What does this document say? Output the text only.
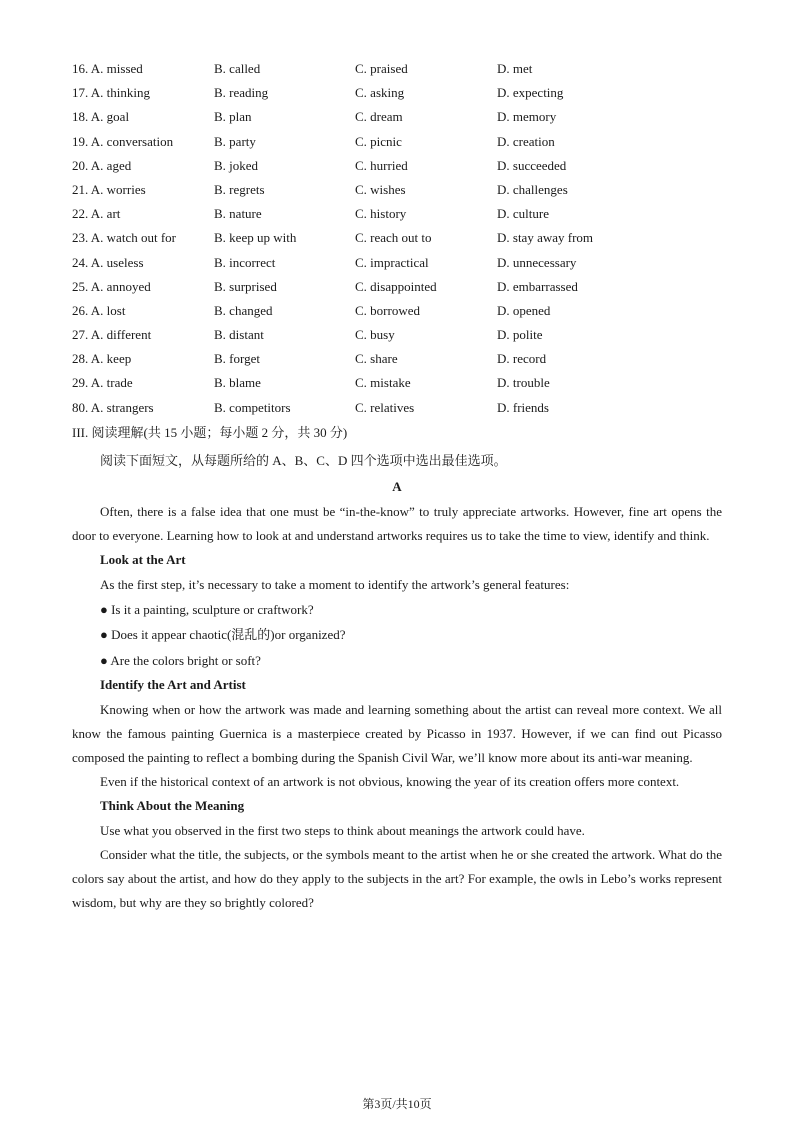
16. A. missed	B. called	C. praised	D. met
17. A. thinking	B. reading	C. asking	D. expecting
18. A. goal	B. plan	C. dream	D. memory
19. A. conversation	B. party	C. picnic	D. creation
20. A. aged	B. joked	C. hurried	D. succeeded
21. A. worries	B. regrets	C. wishes	D. challenges
22. A. art	B. nature	C. history	D. culture
23. A. watch out for	B. keep up with	C. reach out to	D. stay away from
24. A. useless	B. incorrect	C. impractical	D. unnecessary
25. A. annoyed	B. surprised	C. disappointed	D. embarrassed
26. A. lost	B. changed	C. borrowed	D. opened
27. A. different	B. distant	C. busy	D. polite
28. A. keep	B. forget	C. share	D. record
29. A. trade	B. blame	C. mistake	D. trouble
80. A. strangers	B. competitors	C. relatives	D. friends
III. 阅读理解(共 15 小题；每小题 2 分，共 30 分)
阅读下面短文，从每题所给的 A、B、C、D 四个选项中选出最佳选项。
A

Often, there is a false idea that one must be “in-the-know” to truly appreciate artworks. However, fine art opens the door to everyone. Learning how to look at and understand artworks requires us to take the time to view, identify and think.

Look at the Art

As the first step, it’s necessary to take a moment to identify the artwork’s general features:

● Is it a painting, sculpture or craftwork?

● Does it appear chaotic(混乱的)or organized?

● Are the colors bright or soft?

Identify the Art and Artist

Knowing when or how the artwork was made and learning something about the artist can reveal more context. We all know the famous painting Guernica is a masterpiece created by Picasso in 1937. However, if we can find out Picasso composed the painting to reflect a bombing during the Spanish Civil War, we’ll know more about its anti-war meaning.

Even if the historical context of an artwork is not obvious, knowing the year of its creation offers more context.

Think About the Meaning

Use what you observed in the first two steps to think about meanings the artwork could have.

Consider what the title, the subjects, or the symbols meant to the artist when he or she created the artwork. What do the colors say about the artist, and how do they apply to the subjects in the art? For example, the owls in Lebo’s works represent wisdom, but why are they so brightly colored?

第3页/共10页
